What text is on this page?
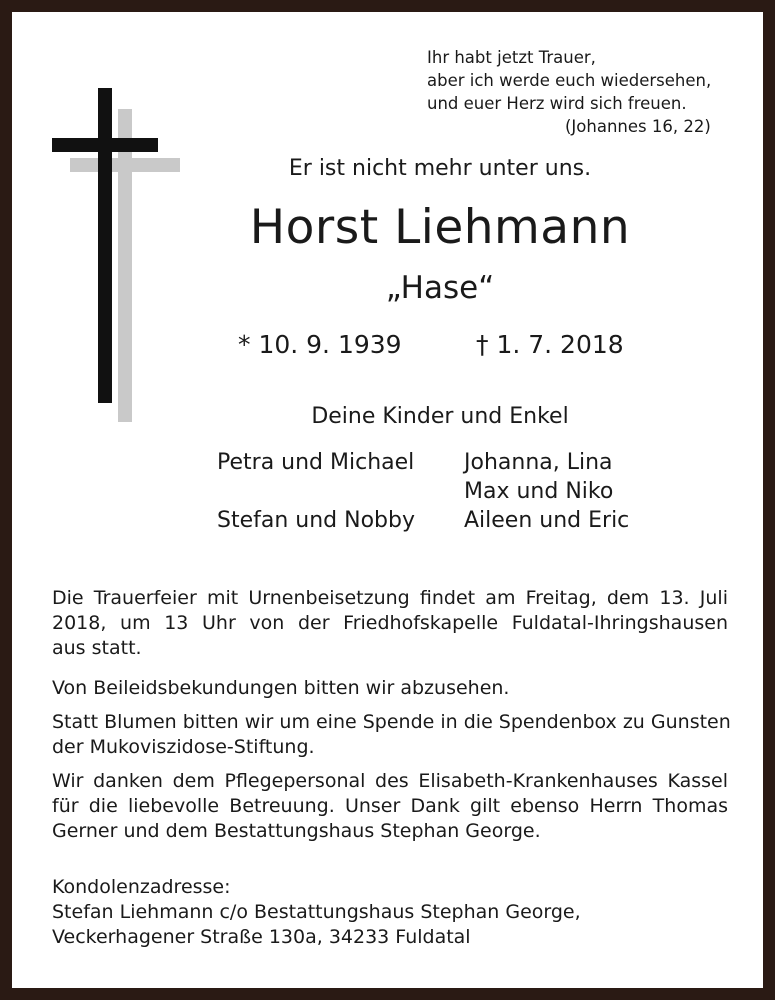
Ihr habt jetzt Trauer,
aber ich werde euch wiedersehen,
und euer Herz wird sich freuen.
(Johannes 16, 22)
Er ist nicht mehr unter uns.
Horst Liehmann
„Hase“
* 10. 9. 1939	† 1. 7. 2018
Deine Kinder und Enkel
Petra und Michael Johanna, Lina
Max und Niko
Stefan und Nobby Aileen und Eric
Die Trauerfeier mit Urnenbeisetzung findet am Freitag, dem 13. Juli
2018, um 13 Uhr von der Friedhofskapelle Fuldatal-Ihringshausen
aus statt.
Von Beileidsbekundungen bitten wir abzusehen.
Statt Blumen bitten wir um eine Spende in die Spendenbox zu Gunsten
der Mukoviszidose-Stiftung.
Wir danken dem Pflegepersonal des Elisabeth-Krankenhauses Kassel
für die liebevolle Betreuung. Unser Dank gilt ebenso Herrn Thomas
Gerner und dem Bestattungshaus Stephan George.
Kondolenzadresse:
Stefan Liehmann c/o Bestattungshaus Stephan George,
Veckerhagener Straße 130a, 34233 Fuldatal
